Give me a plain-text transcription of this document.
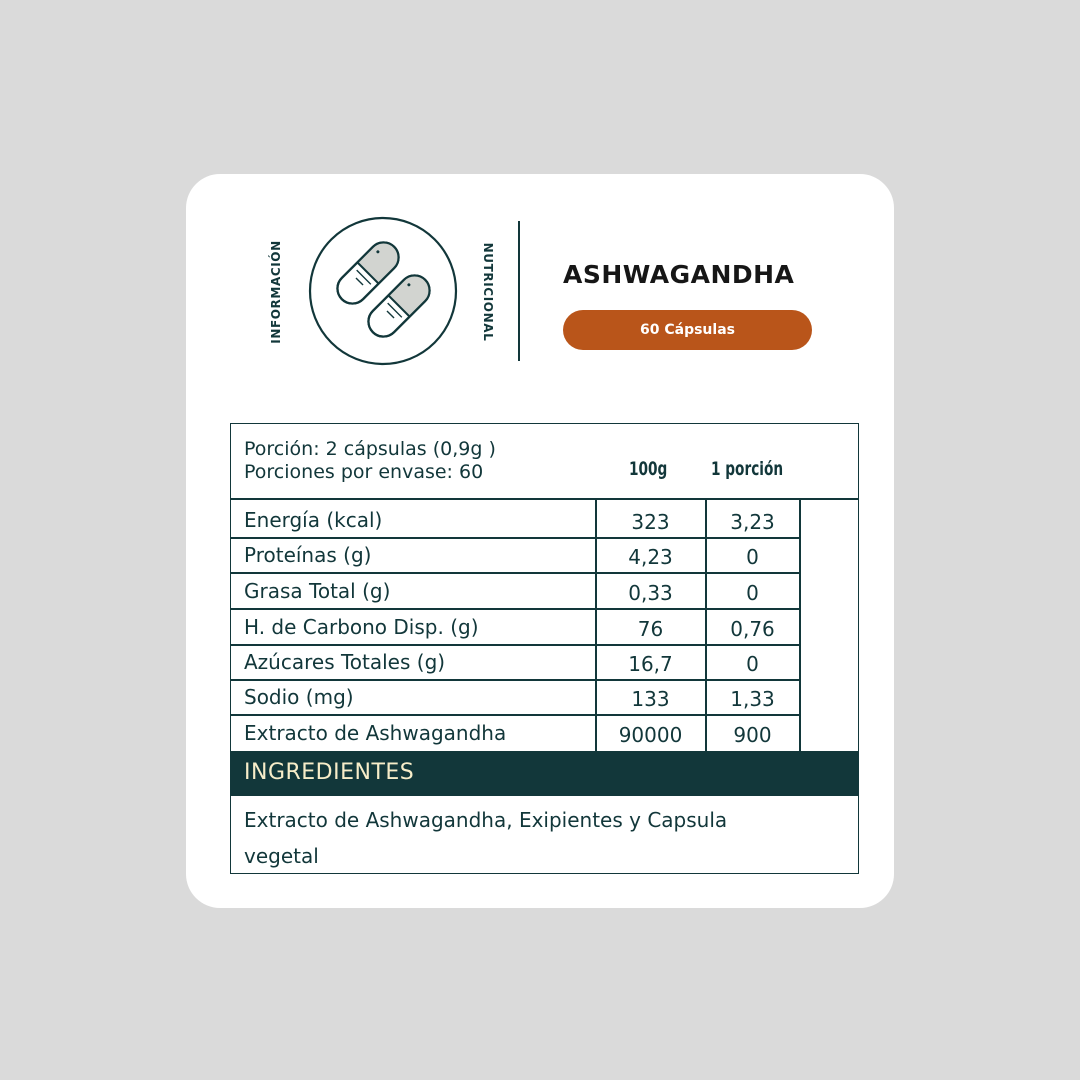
INFORMACIÓN	NUTRICIONAL	ASHWAGANDHA
60 Cápsulas
Porción: 2 cápsulas (0,9g )
Porciones por envase: 60	100g 1 porción
Energía (kcal)	323	3,23
Proteínas (g)	4,23	0
Grasa Total (g)	0,33	0
H. de Carbono Disp. (g)	76	0,76
Azúcares Totales (g)	16,7	0
Sodio (mg)	133	1,33
Extracto de Ashwagandha	90000	900
INGREDIENTES
Extracto de Ashwagandha, Exipientes y Capsula vegetal
